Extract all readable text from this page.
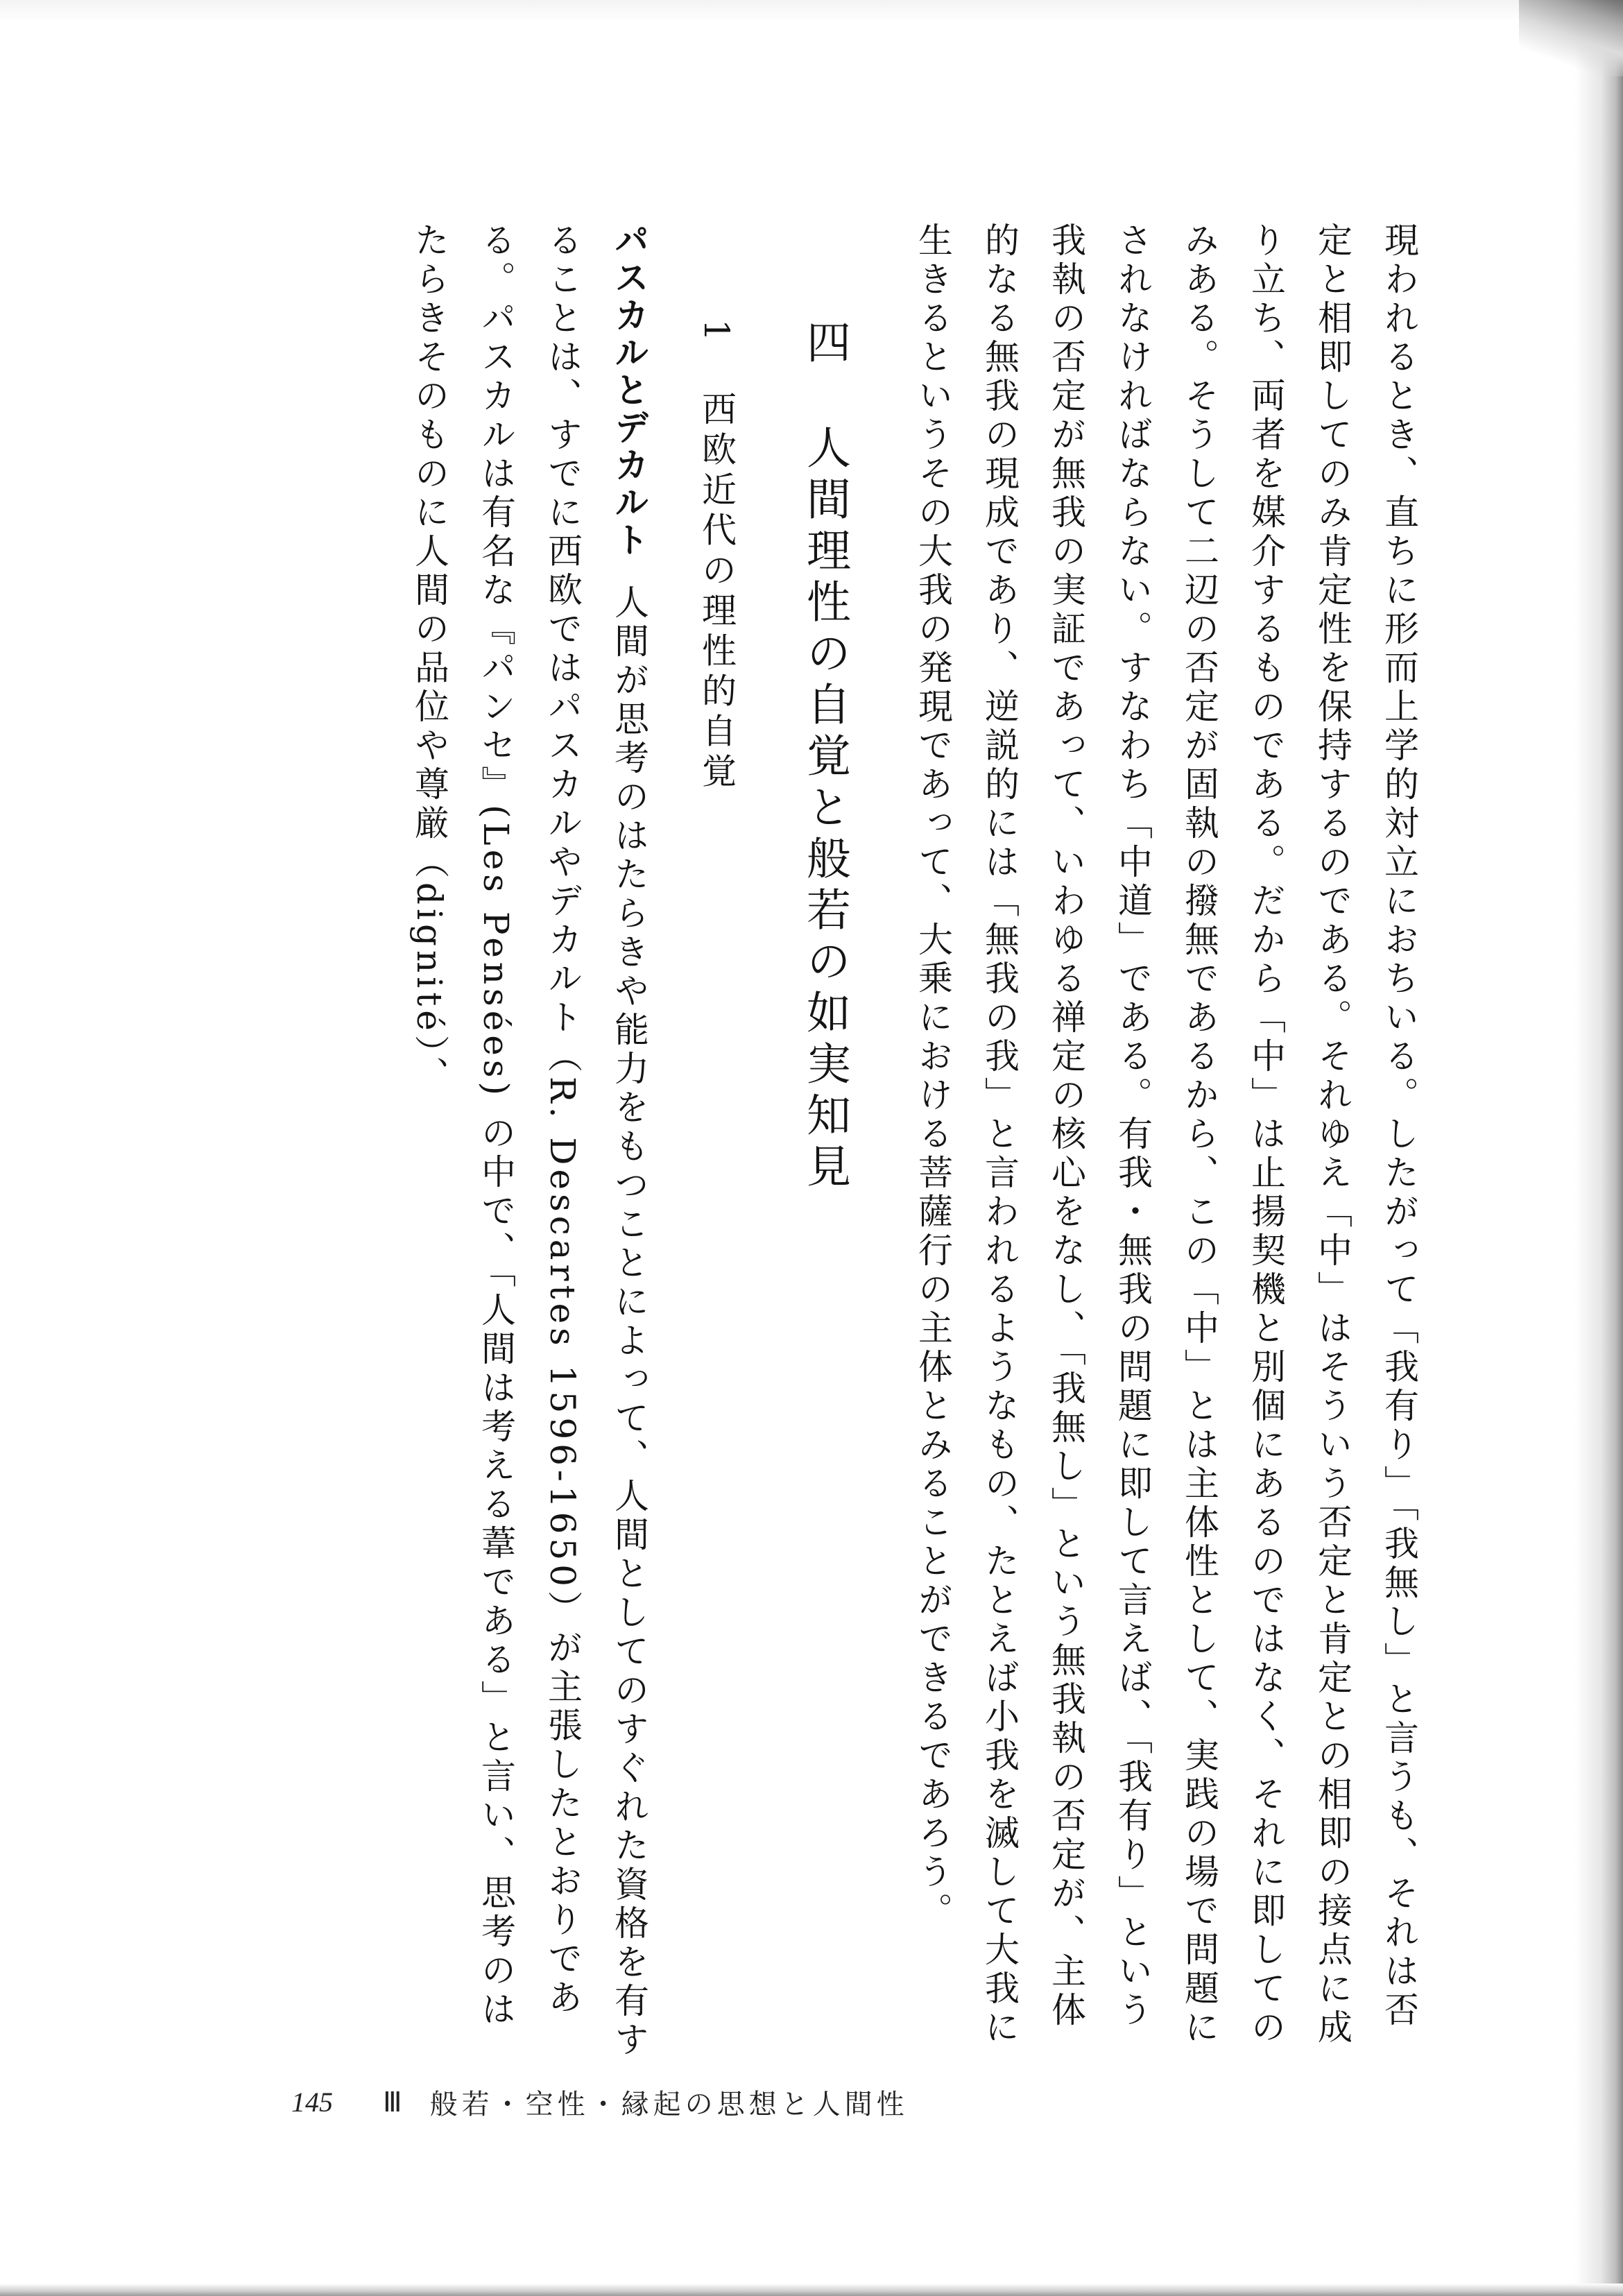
現われるとき、直ちに形而上学的対立におちいる。したがって「我有り」「我無し」と言うも、それは否定と相即してのみ肯定性を保持するのである。それゆえ「中」はそういう否定と肯定との相即の接点に成り立ち、両者を媒介するものである。だから「中」は止揚契機と別個にあるのではなく、それに即してのみある。そうして二辺の否定が固執の撥無であるから、この「中」とは主体性として、実践の場で問題にされなければならない。すなわち「中道」である。有我・無我の問題に即して言えば、「我有り」という我執の否定が無我の実証であって、いわゆる禅定の核心をなし、「我無し」という無我執の否定が、主体的なる無我の現成であり、逆説的には「無我の我」と言われるようなもの、たとえば小我を滅して大我に生きるというその大我の発現であって、大乗における菩薩行の主体とみることができるであろう。

四 人間理性の自覚と般若の如実知見
1 西欧近代の理性的自覚

パスカルとデカルト人間が思考のはたらきや能力をもつことによって、人間としてのすぐれた資格を有することは、すでに西欧ではパスカルやデカルト（R. Descartes 1596-1650）が主張したとおりである。パスカルは有名な『パンセ』(Les Pensées) の中で、「人間は考える葦である」と言い、思考のはたらきそのものに人間の品位や尊厳（dignité）、

145 Ⅲ 般若・空性・縁起の思想と人間性
